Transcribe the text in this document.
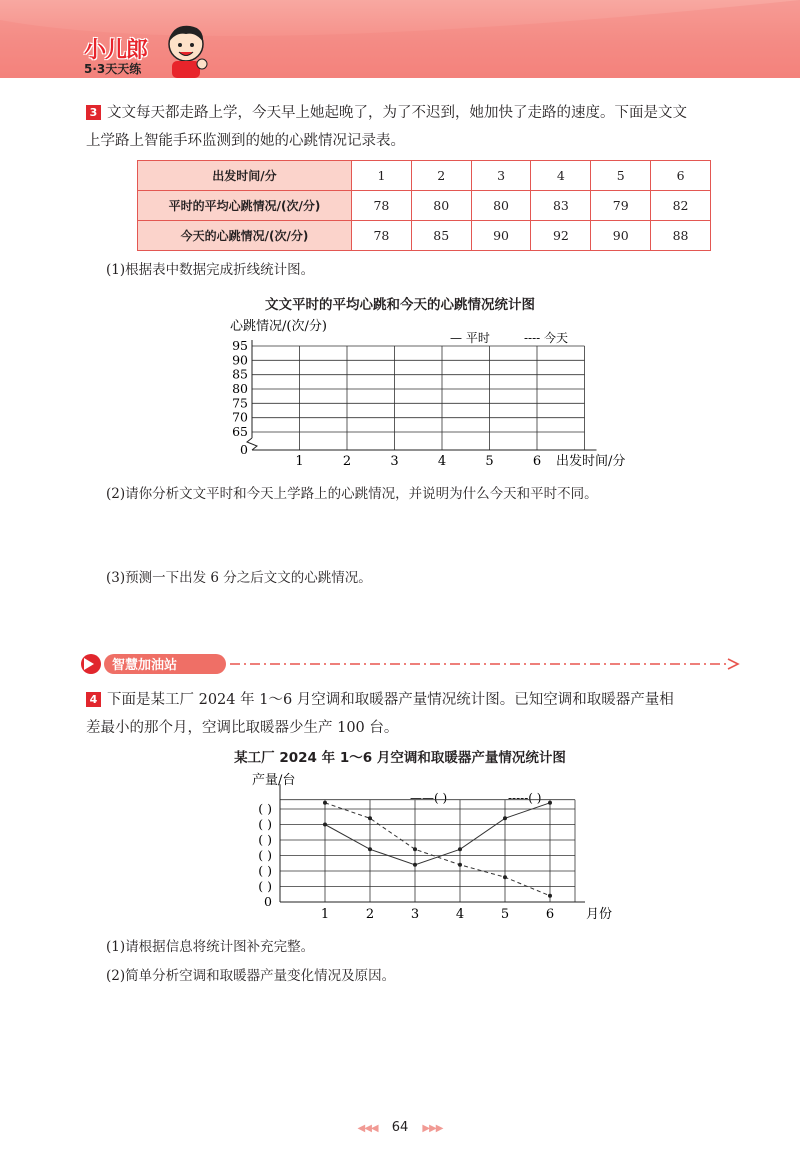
小儿郎
5·3天天练
3 文文每天都走路上学，今天早上她起晚了，为了不迟到，她加快了走路的速度。下面是文文
上学路上智能手环监测到的她的心跳情况记录表。
出发时间/分	1	2	3	4	5	6
平时的平均心跳情况/(次/分)	78	80	80	83	79	82
今天的心跳情况/(次/分)	78	85	90	92	90	88
(1)根据表中数据完成折线统计图。
文文平时的平均心跳和今天的心跳情况统计图
心跳情况/(次/分)
— 平时	---- 今天
0
65
70
75
80
85
90
95
1	2	3	4	5	6 出发时间/分
(2)请你分析文文平时和今天上学路上的心跳情况，并说明为什么今天和平时不同。
(3)预测一下出发 6 分之后文文的心跳情况。
智慧加油站
4 下面是某工厂 2024 年 1～6 月空调和取暖器产量情况统计图。已知空调和取暖器产量相
差最小的那个月，空调比取暖器少生产 100 台。
某工厂 2024 年 1～6 月空调和取暖器产量情况统计图
产量/台
——( )	-----( )
0
( )
( )
( )
( )
( )
( )
1	2	3	4	5	6 月份
(1)请根据信息将统计图补充完整。
(2)简单分析空调和取暖器产量变化情况及原因。
◀◀◀ 64 ▶▶▶
